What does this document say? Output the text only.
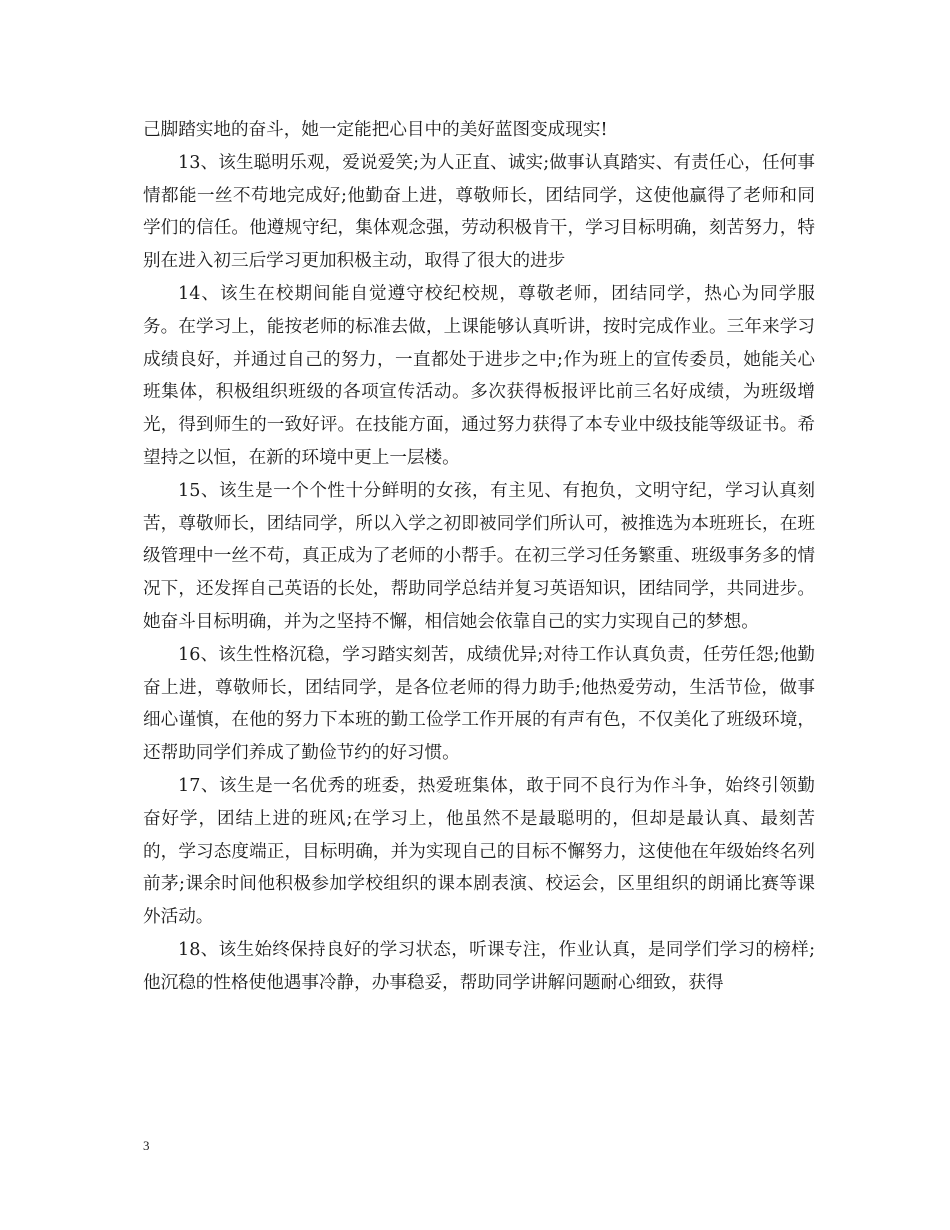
己脚踏实地的奋斗，她一定能把心目中的美好蓝图变成现实!

13、该生聪明乐观，爱说爱笑;为人正直、诚实;做事认真踏实、有责任心，任何事情都能一丝不苟地完成好;他勤奋上进，尊敬师长，团结同学，这使他赢得了老师和同学们的信任。他遵规守纪，集体观念强，劳动积极肯干，学习目标明确，刻苦努力，特别在进入初三后学习更加积极主动，取得了很大的进步

14、该生在校期间能自觉遵守校纪校规，尊敬老师，团结同学，热心为同学服务。在学习上，能按老师的标准去做，上课能够认真听讲，按时完成作业。三年来学习成绩良好，并通过自己的努力，一直都处于进步之中;作为班上的宣传委员，她能关心班集体，积极组织班级的各项宣传活动。多次获得板报评比前三名好成绩，为班级增光，得到师生的一致好评。在技能方面，通过努力获得了本专业中级技能等级证书。希望持之以恒，在新的环境中更上一层楼。

15、该生是一个个性十分鲜明的女孩，有主见、有抱负，文明守纪，学习认真刻苦，尊敬师长，团结同学，所以入学之初即被同学们所认可，被推选为本班班长，在班级管理中一丝不苟，真正成为了老师的小帮手。在初三学习任务繁重、班级事务多的情况下，还发挥自己英语的长处，帮助同学总结并复习英语知识，团结同学，共同进步。她奋斗目标明确，并为之坚持不懈，相信她会依靠自己的实力实现自己的梦想。

16、该生性格沉稳，学习踏实刻苦，成绩优异;对待工作认真负责，任劳任怨;他勤奋上进，尊敬师长，团结同学，是各位老师的得力助手;他热爱劳动，生活节俭，做事细心谨慎，在他的努力下本班的勤工俭学工作开展的有声有色，不仅美化了班级环境，还帮助同学们养成了勤俭节约的好习惯。

17、该生是一名优秀的班委，热爱班集体，敢于同不良行为作斗争，始终引领勤奋好学，团结上进的班风;在学习上，他虽然不是最聪明的，但却是最认真、最刻苦的，学习态度端正，目标明确，并为实现自己的目标不懈努力，这使他在年级始终名列前茅;课余时间他积极参加学校组织的课本剧表演、校运会，区里组织的朗诵比赛等课外活动。

18、该生始终保持良好的学习状态，听课专注，作业认真，是同学们学习的榜样;他沉稳的性格使他遇事冷静，办事稳妥，帮助同学讲解问题耐心细致，获得

3
